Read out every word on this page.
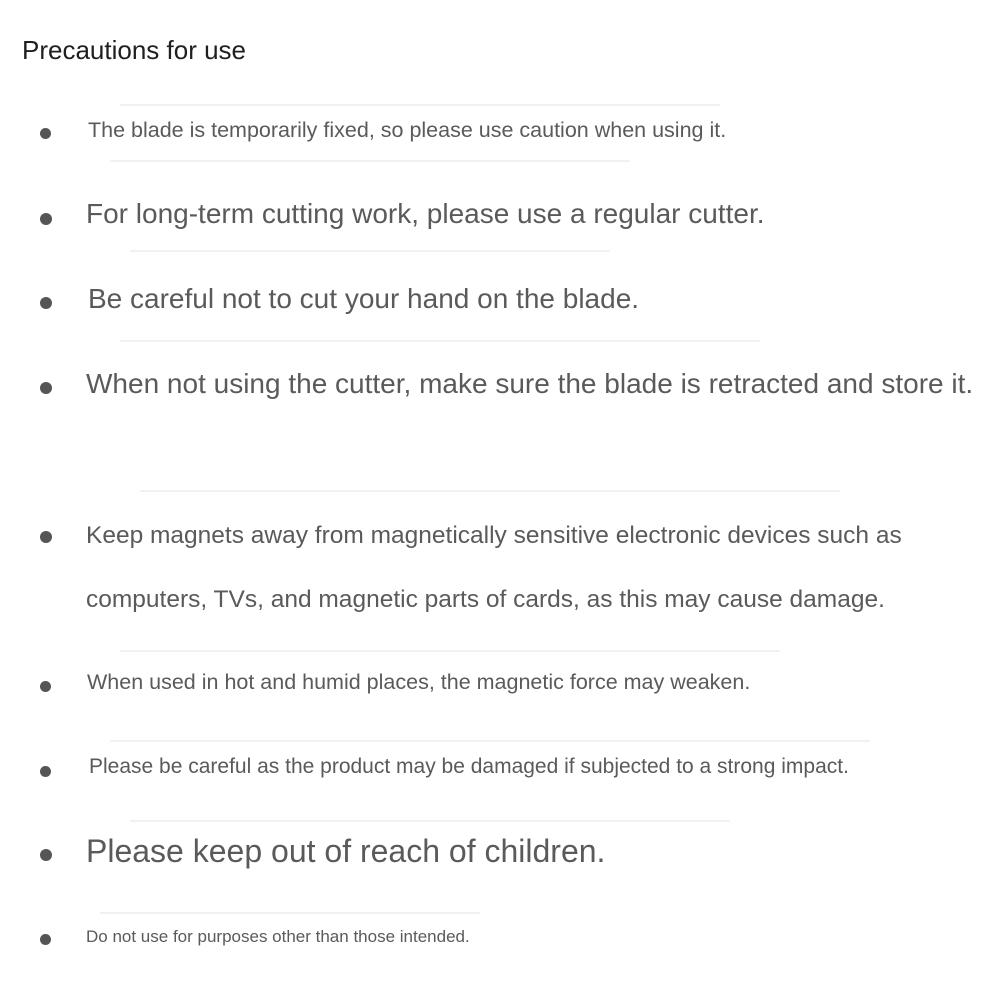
Precautions for use
The blade is temporarily fixed, so please use caution when using it.
For long-term cutting work, please use a regular cutter.
Be careful not to cut your hand on the blade.
When not using the cutter, make sure the blade is retracted and store it.
Keep magnets away from magnetically sensitive electronic devices such as computers, TVs, and magnetic parts of cards, as this may cause damage.
When used in hot and humid places, the magnetic force may weaken.
Please be careful as the product may be damaged if subjected to a strong impact.
Please keep out of reach of children.
Do not use for purposes other than those intended.
